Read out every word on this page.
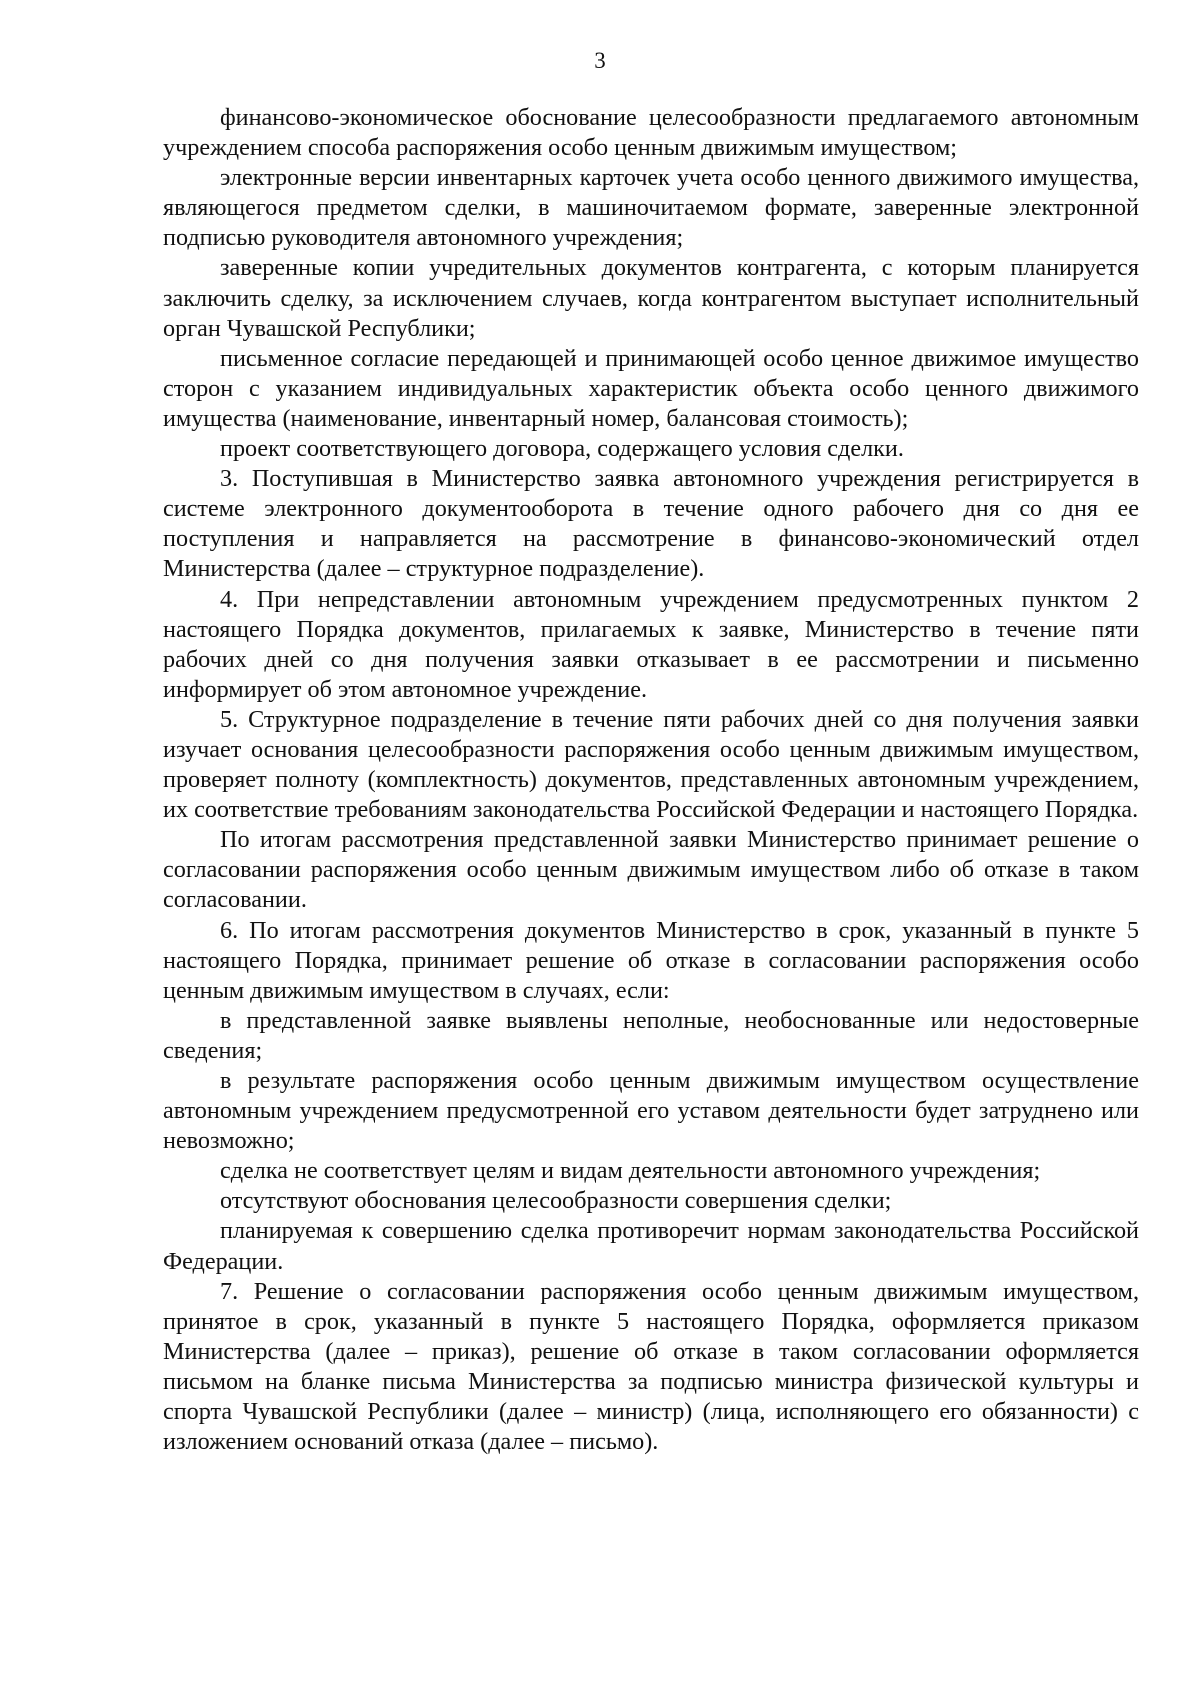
3

финансово-экономическое обоснование целесообразности предлагаемого автономным учреждением способа распоряжения особо ценным движимым имуществом;

электронные версии инвентарных карточек учета особо ценного движимого имущества, являющегося предметом сделки, в машиночитаемом формате, заверенные электронной подписью руководителя автономного учреждения;

заверенные копии учредительных документов контрагента, с которым планируется заключить сделку, за исключением случаев, когда контрагентом выступает исполнительный орган Чувашской Республики;

письменное согласие передающей и принимающей особо ценное движимое имущество сторон с указанием индивидуальных характеристик объекта особо ценного движимого имущества (наименование, инвентарный номер, балансовая стоимость);

проект соответствующего договора, содержащего условия сделки.

3. Поступившая в Министерство заявка автономного учреждения регистрируется в системе электронного документооборота в течение одного рабочего дня со дня ее поступления и направляется на рассмотрение в финансово-экономический отдел Министерства (далее – структурное подразделение).

4. При непредставлении автономным учреждением предусмотренных пунктом 2 настоящего Порядка документов, прилагаемых к заявке, Министерство в течение пяти рабочих дней со дня получения заявки отказывает в ее рассмотрении и письменно информирует об этом автономное учреждение.

5. Структурное подразделение в течение пяти рабочих дней со дня получения заявки изучает основания целесообразности распоряжения особо ценным движимым имуществом, проверяет полноту (комплектность) документов, представленных автономным учреждением, их соответствие требованиям законодательства Российской Федерации и настоящего Порядка.

По итогам рассмотрения представленной заявки Министерство принимает решение о согласовании распоряжения особо ценным движимым имуществом либо об отказе в таком согласовании.

6. По итогам рассмотрения документов Министерство в срок, указанный в пункте 5 настоящего Порядка, принимает решение об отказе в согласовании распоряжения особо ценным движимым имуществом в случаях, если:

в представленной заявке выявлены неполные, необоснованные или недостоверные сведения;

в результате распоряжения особо ценным движимым имуществом осуществление автономным учреждением предусмотренной его уставом деятельности будет затруднено или невозможно;

сделка не соответствует целям и видам деятельности автономного учреждения;

отсутствуют обоснования целесообразности совершения сделки;

планируемая к совершению сделка противоречит нормам законодательства Российской Федерации.

7. Решение о согласовании распоряжения особо ценным движимым имуществом, принятое в срок, указанный в пункте 5 настоящего Порядка, оформляется приказом Министерства (далее – приказ), решение об отказе в таком согласовании оформляется письмом на бланке письма Министерства за подписью министра физической культуры и спорта Чувашской Республики (далее – министр) (лица, исполняющего его обязанности) с изложением оснований отказа (далее – письмо).
